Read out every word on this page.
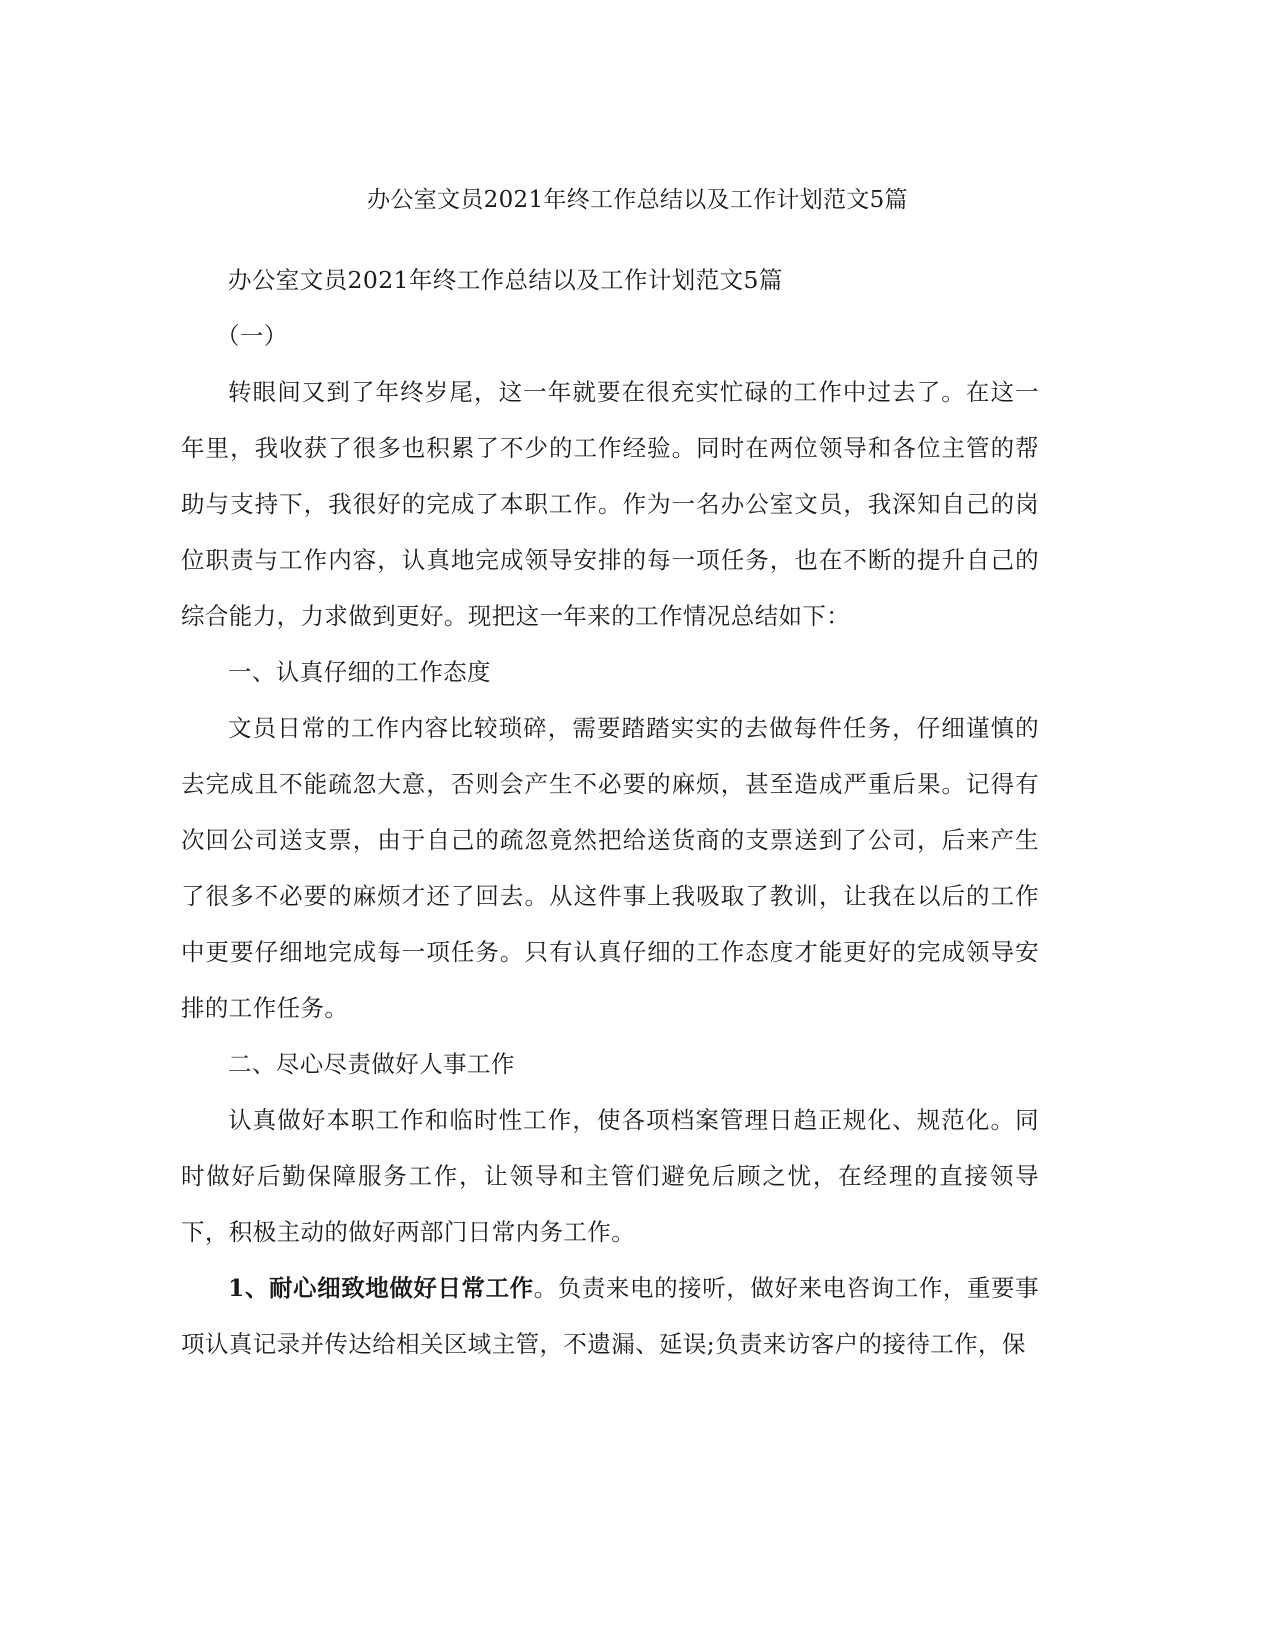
办公室文员2021年终工作总结以及工作计划范文5篇

办公室文员2021年终工作总结以及工作计划范文5篇

（一）

转眼间又到了年终岁尾，这一年就要在很充实忙碌的工作中过去了。在这一年里，我收获了很多也积累了不少的工作经验。同时在两位领导和各位主管的帮助与支持下，我很好的完成了本职工作。作为一名办公室文员，我深知自己的岗位职责与工作内容，认真地完成领导安排的每一项任务，也在不断的提升自己的综合能力，力求做到更好。现把这一年来的工作情况总结如下：

一、认真仔细的工作态度

文员日常的工作内容比较琐碎，需要踏踏实实的去做每件任务，仔细谨慎的去完成且不能疏忽大意，否则会产生不必要的麻烦，甚至造成严重后果。记得有次回公司送支票，由于自己的疏忽竟然把给送货商的支票送到了公司，后来产生了很多不必要的麻烦才还了回去。从这件事上我吸取了教训，让我在以后的工作中更要仔细地完成每一项任务。只有认真仔细的工作态度才能更好的完成领导安排的工作任务。

二、尽心尽责做好人事工作

认真做好本职工作和临时性工作，使各项档案管理日趋正规化、规范化。同时做好后勤保障服务工作，让领导和主管们避免后顾之忧，在经理的直接领导下，积极主动的做好两部门日常内务工作。

1、耐心细致地做好日常工作。负责来电的接听，做好来电咨询工作，重要事项认真记录并传达给相关区域主管，不遗漏、延误;负责来访客户的接待工作，保
